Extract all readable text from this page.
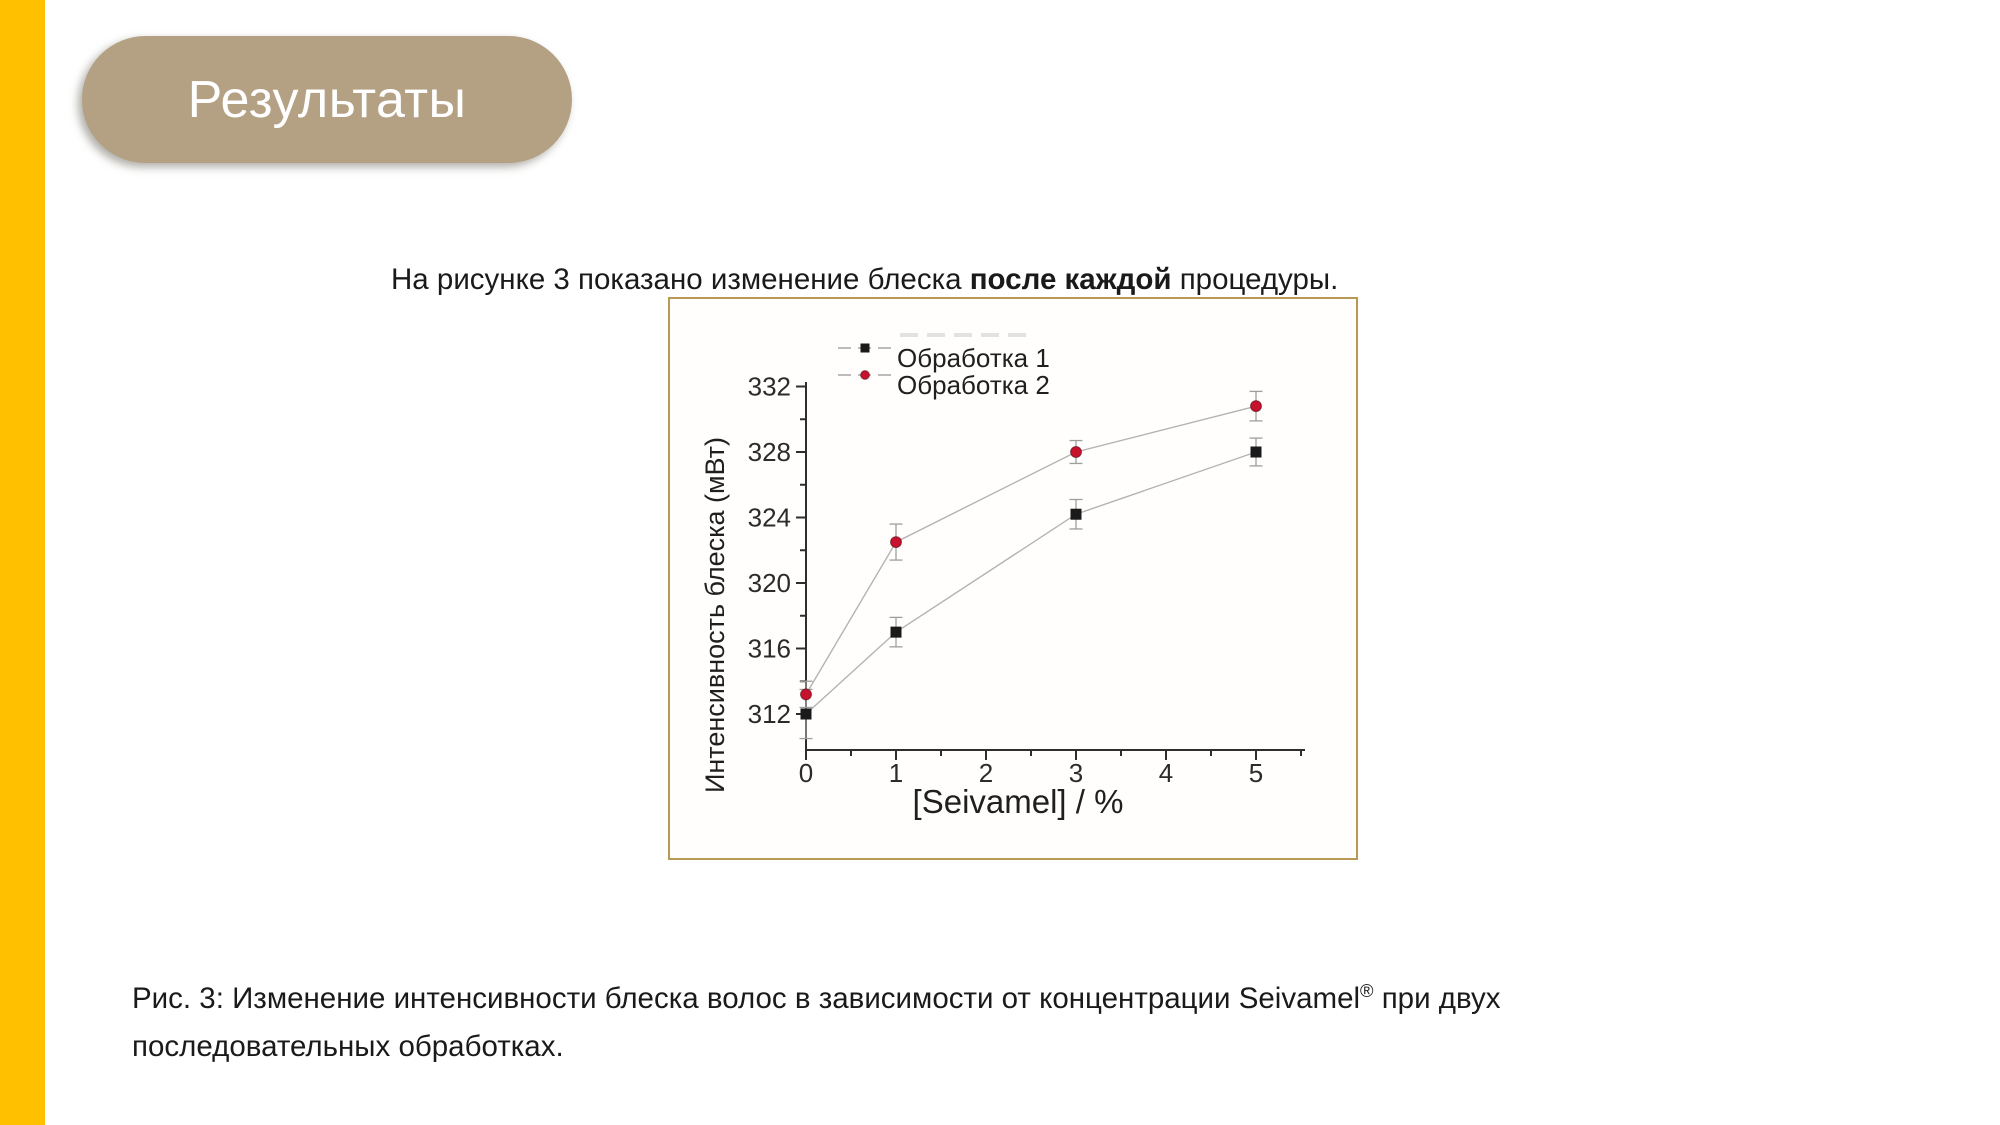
Результаты

На рисунке 3 показано изменение блеска после каждой процедуры.

0	1	2	3	4	5
312
316
320
324
328
332
[Seivamel] / %
Интенсивность блеска (мВт)
Обработка 1
Обработка 2

Рис. 3: Изменение интенсивности блеска волос в зависимости от концентрации Seivamel® при двух
последовательных обработках.
